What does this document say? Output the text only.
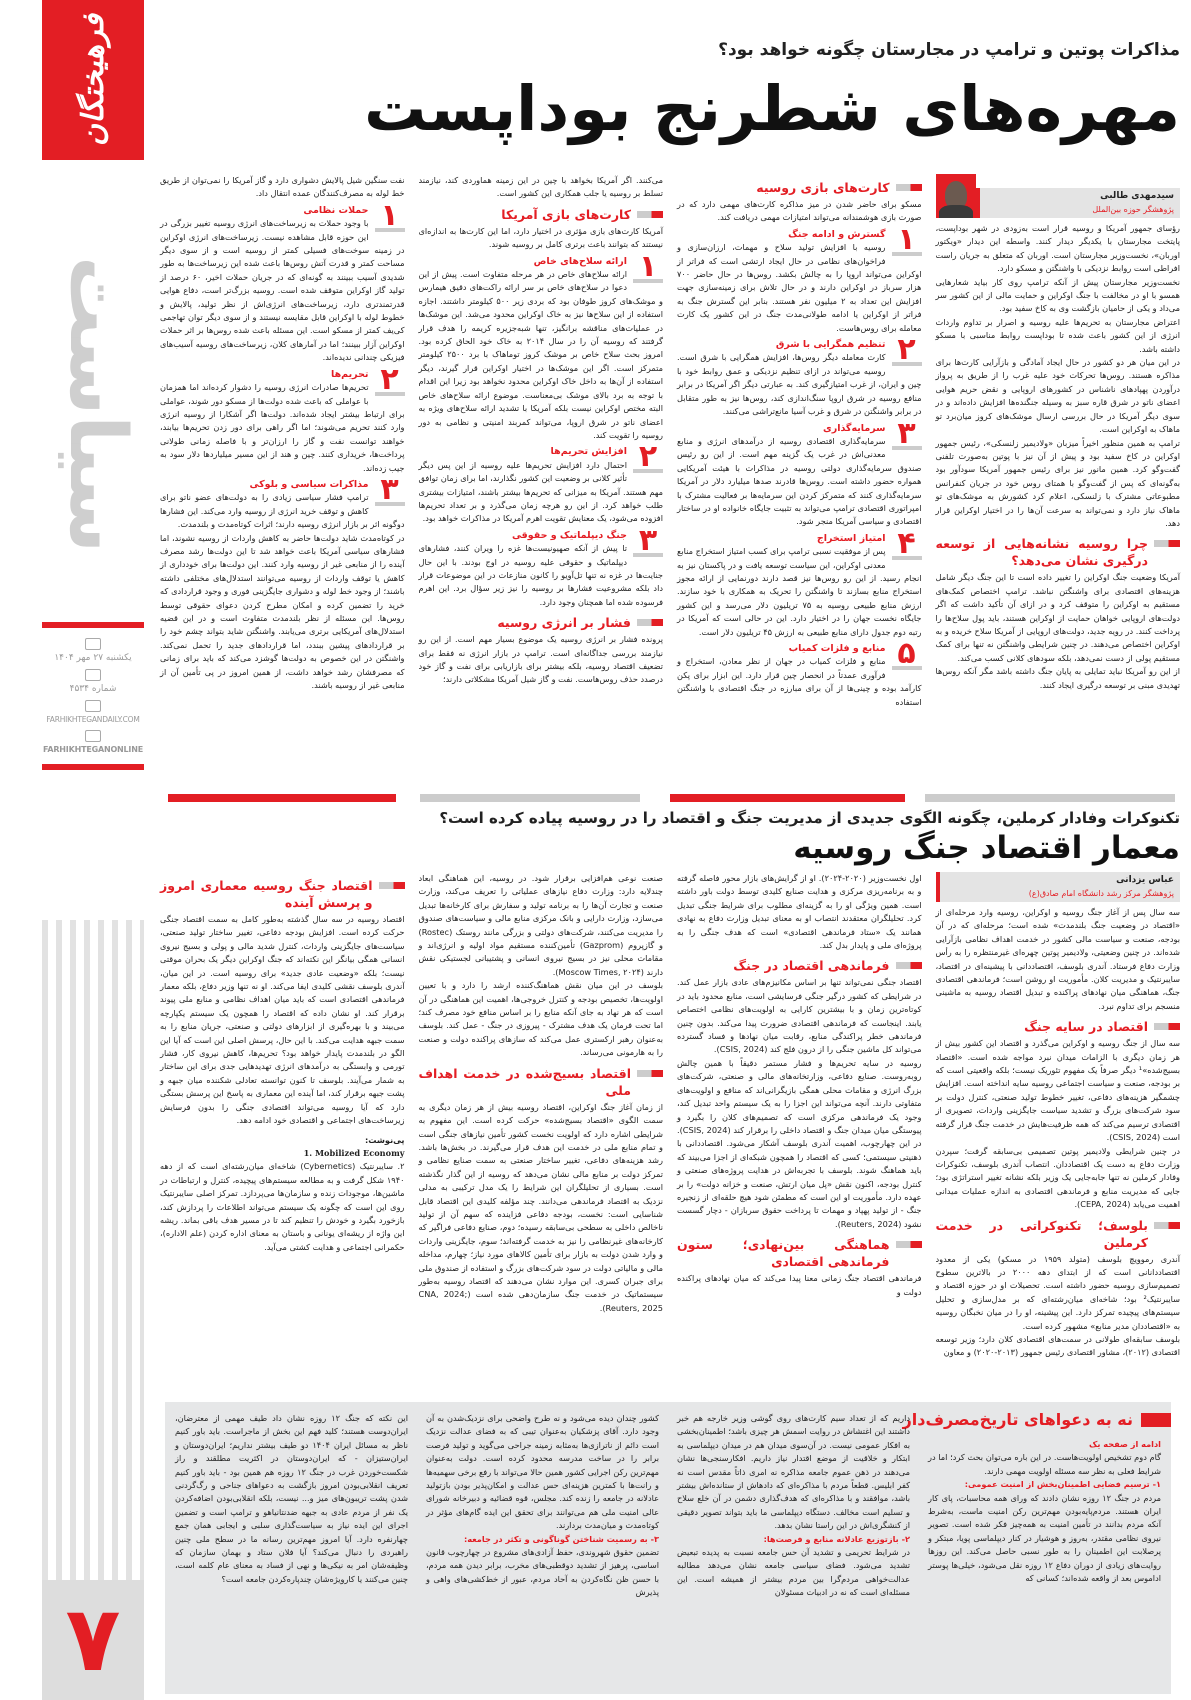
فرهیختگان
سیاست
یکشنبه ۲۷ مهر ۱۴۰۴
شماره ۴۵۳۴
FARHIKHTEGANDAILY.COM
FARHIKHTEGANONLINE
۷
مذاکرات پوتین و ترامپ در مجارستان چگونه خواهد بود؟
مهره‌های شطرنج بوداپست
سیدمهدی طالبی
پژوهشگر حوزه بین‌الملل

رؤسای جمهور آمریکا و روسیه قرار است به‌زودی در شهر بوداپست، پایتخت مجارستان با یکدیگر دیدار کنند. واسطه این دیدار «ویکتور اوربان»، نخست‌وزیر مجارستان است. اوربان که متعلق به جریان راست افراطی است روابط نزدیکی با واشنگتن و مسکو دارد.

نخست‌وزیر مجارستان پیش از آنکه ترامپ روی کار بیاید شعارهایی همسو با او در مخالفت با جنگ اوکراین و حمایت مالی از این کشور سر می‌داد و یکی از حامیان بازگشت وی به کاخ سفید بود.

اعتراض مجارستان به تحریم‌ها علیه روسیه و اصرار بر تداوم واردات انرژی از این کشور باعث شده تا بوداپست روابط مناسبی با مسکو داشته باشد.

در این میان هر دو کشور در حال ایجاد آمادگی و بازآرایی کارت‌ها برای مذاکره هستند. روس‌ها تحرکات خود علیه غرب را از طریق به پرواز درآوردن پهپادهای ناشناس در کشورهای اروپایی و نقض حریم هوایی اعضای ناتو در شرق قاره سبز به وسیله جنگنده‌ها افزایش داده‌اند و در سوی دیگر آمریکا در حال بررسی ارسال موشک‌های کروز میان‌برد تو ماهاک به اوکراین است.

ترامپ به همین منظور اخیراً میزبان «ولادیمیر زلنسکی»، رئیس جمهور اوکراین در کاخ سفید بود و پیش از آن نیز با پوتین به‌صورت تلفنی گفت‌وگو کرد. همین مانور نیز برای رئیس جمهور آمریکا سودآور بود به‌گونه‌ای که پس از گفت‌وگو با همتای روس خود در جریان کنفرانس مطبوعاتی مشترک با زلنسکی، اعلام کرد کشورش به موشک‌های تو ماهاک نیاز دارد و نمی‌تواند به سرعت آن‌ها را در اختیار اوکراین قرار دهد.

چرا روسیه نشانه‌هایی از توسعه درگیری نشان می‌دهد؟

آمریکا وضعیت جنگ اوکراین را تغییر داده است تا این جنگ دیگر شامل هزینه‌های اقتصادی برای واشنگتن نباشد. ترامپ اختصاص کمک‌های مستقیم به اوکراین را متوقف کرد و در ازای آن تأکید داشت که اگر دولت‌های اروپایی خواهان حمایت از اوکراین هستند، باید پول سلاح‌ها را پرداخت کنند. در رویه جدید، دولت‌های اروپایی از آمریکا سلاح خریده و به اوکراین اختصاص می‌دهند. در چنین شرایطی واشنگتن نه تنها برای کمک مستقیم پولی از دست نمی‌دهد، بلکه سودهای کلانی کسب می‌کند.

از این رو آمریکا نباید تمایلی به پایان جنگ داشته باشد مگر آنکه روس‌ها تهدیدی مبنی بر توسعه درگیری ایجاد کنند.

کارت‌های بازی روسیه

مسکو برای حاضر شدن در میز مذاکره کارت‌های مهمی دارد که در صورت بازی هوشمندانه می‌تواند امتیازات مهمی دریافت کند.

۱
گسترش و ادامه جنگ

روسیه با افزایش تولید سلاح و مهمات، ارزان‌سازی و فراخوان‌های نظامی در حال ایجاد ارتشی است که فراتر از اوکراین می‌تواند اروپا را به چالش بکشد. روس‌ها در حال حاضر ۷۰۰ هزار سرباز در اوکراین دارند و در حال تلاش برای زمینه‌سازی جهت افزایش این تعداد به ۲ میلیون نفر هستند. بنابر این گسترش جنگ به فراتر از اوکراین یا ادامه طولانی‌مدت جنگ در این کشور یک کارت معامله برای روس‌هاست.

۲
تنظیم همگرایی با شرق

کارت معامله دیگر روس‌ها، افزایش همگرایی با شرق است. روسیه می‌تواند در ازای تنظیم نزدیکی و عمق روابط خود با چین و ایران، از غرب امتیازگیری کند. به عبارتی دیگر اگر آمریکا در برابر منافع روسیه در شرق اروپا سنگ‌اندازی کند، روس‌ها نیز به طور متقابل در برابر واشنگتن در شرق و غرب آسیا مانع‌تراشی می‌کنند.

۳
سرمایه‌گذاری

سرمایه‌گذاری اقتصادی روسیه از درآمدهای انرژی و منابع معدنی‌اش در غرب یک گزینه مهم است. از این رو رئیس صندوق سرمایه‌گذاری دولتی روسیه در مذاکرات با هیئت آمریکایی همواره حضور داشته است. روس‌ها قادرند صدها میلیارد دلار در آمریکا سرمایه‌گذاری کنند که متمرکز کردن این سرمایه‌ها بر فعالیت مشترک با امپراتوری اقتصادی ترامپ می‌تواند به تثبیت جایگاه خانواده او در ساختار اقتصادی و سیاسی آمریکا منجر شود.

۴
امتیاز استخراج

پس از موفقیت نسبی ترامپ برای کسب امتیاز استخراج منابع معدنی اوکراین، این سیاست توسعه یافت و در پاکستان نیز به انجام رسید. از این رو روس‌ها نیز قصد دارند دورنمایی از ارائه مجوز استخراج منابع بسازند تا واشنگتن را تحریک به همکاری با خود سازند. ارزش منابع طبیعی روسیه به ۷۵ تریلیون دلار می‌رسد و این کشور جایگاه نخست جهان را در اختیار دارد. این در حالی است که آمریکا در رتبه دوم جدول دارای منابع طبیعی به ارزش ۴۵ تریلیون دلار است.

۵
منابع و فلزات کمیاب

منابع و فلزات کمیاب در جهان از نظر معادن، استخراج و فرآوری عمدتاً در انحصار چین قرار دارد. این ابزار برای پکن کارآمد بوده و چینی‌ها از آن برای مبارزه در جنگ اقتصادی با واشنگتن استفاده

می‌کنند. اگر آمریکا بخواهد با چین در این زمینه هماوردی کند، نیازمند تسلط بر روسیه یا جلب همکاری این کشور است.

کارت‌های بازی آمریکا

آمریکا کارت‌های بازی مؤثری در اختیار دارد، اما این کارت‌ها به اندازه‌ای نیستند که بتوانند باعث برتری کامل بر روسیه شوند.

۱
ارائه سلاح‌های خاص

ارائه سلاح‌های خاص در هر مرحله متفاوت است. پیش از این دعوا در سلاح‌های خاص بر سر ارائه راکت‌های دقیق هیمارس و موشک‌های کروز طوفان بود که بردی زیر ۵۰۰ کیلومتر داشتند. اجازه استفاده از این سلاح‌ها نیز به خاک اوکراین محدود می‌شد. این موشک‌ها در عملیات‌های مناقشه برانگیز، تنها شبه‌جزیره کریمه را هدف قرار گرفتند که روسیه آن را در سال ۲۰۱۴ به خاک خود الحاق کرده بود. امروز بحث سلاح خاص بر موشک کروز توماهاک با برد ۲۵۰۰ کیلومتر متمرکز است. اگر این موشک‌ها در اختیار اوکراین قرار گیرند، دیگر استفاده از آن‌ها به داخل خاک اوکراین محدود نخواهد بود زیرا این اقدام با توجه به برد بالای موشک بی‌معناست. موضوع ارائه سلاح‌های خاص البته مختص اوکراین نیست بلکه آمریکا با تشدید ارائه سلاح‌های ویژه به اعضای ناتو در شرق اروپا، می‌تواند کمربند امنیتی و نظامی به دور روسیه را تقویت کند.

۲
افزایش تحریم‌ها

احتمال دارد افزایش تحریم‌ها علیه روسیه از این پس دیگر تأثیر کلانی بر وضعیت این کشور نگذارند، اما برای زمان توافق مهم هستند. آمریکا به میزانی که تحریم‌ها بیشتر باشند، امتیازات بیشتری طلب خواهد کرد. از این رو هرچه زمان می‌گذرد و بر تعداد تحریم‌ها افزوده می‌شود، یک معنایش تقویت اهرم آمریکا در مذاکرات خواهد بود.

۳
جنگ دیپلماتیک و حقوقی

تا پیش از آنکه صهیونیست‌ها غزه را ویران کنند، فشارهای دیپلماتیک و حقوقی علیه روسیه در اوج بودند. با این حال جنایت‌ها در غزه نه تنها تل‌آویو را کانون منازعات در این موضوعات قرار داد بلکه مشروعیت فشارها بر روسیه را نیز زیر سؤال برد. این اهرم فرسوده شده اما همچنان وجود دارد.

فشار بر انرژی روسیه

پرونده فشار بر انرژی روسیه یک موضوع بسیار مهم است. از این رو نیازمند بررسی جداگانه‌ای است. ترامپ در بازار انرژی نه فقط برای تضعیف اقتصاد روسیه، بلکه بیشتر برای بازاریابی برای نفت و گاز خود درصدد حذف روس‌هاست. نفت و گاز شیل آمریکا مشکلاتی دارند؛

نفت سنگین شیل پالایش دشواری دارد و گاز آمریکا را نمی‌توان از طریق خط لوله به مصرف‌کنندگان عمده انتقال داد.

۱
حملات نظامی

با وجود حملات به زیرساخت‌های انرژی روسیه تغییر بزرگی در این حوزه قابل مشاهده نیست. زیرساخت‌های انرژی اوکراین در زمینه سوخت‌های فسیلی کمتر از روسیه است و از سوی دیگر مساحت کمتر و قدرت آتش روس‌ها باعث شده این زیرساخت‌ها به طور شدیدی آسیب ببینند به گونه‌ای که در جریان حملات اخیر، ۶۰ درصد از تولید گاز اوکراین متوقف شده است. روسیه بزرگ‌تر است، دفاع هوایی قدرتمندتری دارد، زیرساخت‌های انرژی‌اش از نظر تولید، پالایش و خطوط لوله با اوکراین قابل مقایسه نیستند و از سوی دیگر توان تهاجمی کی‌یف کمتر از مسکو است. این مسئله باعث شده روس‌ها بر اثر حملات اوکراین آزار ببینند؛ اما در آمارهای کلان، زیرساخت‌های روسیه آسیب‌های فیزیکی چندانی ندیده‌اند.

۲
تحریم‌ها

تحریم‌ها صادرات انرژی روسیه را دشوار کرده‌اند اما همزمان با عواملی که باعث شده دولت‌ها از مسکو دور شوند، عواملی برای ارتباط بیشتر ایجاد شده‌اند. دولت‌ها اگر آشکارا از روسیه انرژی وارد کنند تحریم می‌شوند؛ اما اگر راهی برای دور زدن تحریم‌ها بیابند، خواهند توانست نفت و گاز را ارزان‌تر و با فاصله زمانی طولانی پرداخت‌ها، خریداری کنند. چین و هند از این مسیر میلیاردها دلار سود به جیب زده‌اند.

۳
مذاکرات سیاسی و بلوکی

ترامپ فشار سیاسی زیادی را به دولت‌های عضو ناتو برای کاهش و توقف خرید انرژی از روسیه وارد می‌کند. این فشارها دوگونه اثر بر بازار انرژی روسیه دارند؛ اثرات کوتاه‌مدت و بلندمدت.

در کوتاه‌مدت شاید دولت‌ها حاضر به کاهش واردات از روسیه نشوند، اما فشارهای سیاسی آمریکا باعث خواهد شد تا این دولت‌ها رشد مصرف آینده را از منابعی غیر از روسیه وارد کنند. این دولت‌ها برای خودداری از کاهش یا توقف واردات از روسیه می‌توانند استدلال‌های مختلفی داشته باشند؛ از وجود خط لوله و دشواری جایگزینی فوری و وجود قراردادی که خرید را تضمین کرده و امکان مطرح کردن دعوای حقوقی توسط روس‌ها. این مسئله از نظر بلندمدت متفاوت است و در این قضیه استدلال‌های آمریکایی برتری می‌یابند. واشنگتن شاید بتواند چشم خود را بر قراردادهای پیشین ببندد، اما قراردادهای جدید را تحمل نمی‌کند. واشنگتن در این خصوص به دولت‌ها گوشزد می‌کند که باید برای زمانی که مصرفشان رشد خواهد داشت، از همین امروز در پی تأمین آن از منابعی غیر از روسیه باشند.

تکنوکرات وفادار کرملین، چگونه الگوی جدیدی از مدیریت جنگ و اقتصاد را در روسیه پیاده کرده است؟
معمار اقتصاد جنگ روسیه
عباس یزدانی
پژوهشگر مرکز رشد دانشگاه امام صادق(ع)

سه سال پس از آغاز جنگ روسیه و اوکراین، روسیه وارد مرحله‌ای از «اقتصاد در وضعیت جنگ بلندمدت» شده است؛ مرحله‌ای که در آن بودجه، صنعت و سیاست مالی کشور در خدمت اهداف نظامی بازآرایی شده‌اند. در چنین وضعیتی، ولادیمیر پوتین چهره‌ای غیرمنتظره را به رأس وزارت دفاع فرستاد. آندری بلوسف، اقتصاددانی با پیشینه‌ای در اقتصاد، سایبرنتیک و مدیریت کلان. مأموریت او روشن است؛ فرماندهی اقتصادی جنگ، هماهنگی میان نهادهای پراکنده و تبدیل اقتصاد روسیه به ماشینی منسجم برای تداوم نبرد.

اقتصاد در سایه جنگ

سه سال از جنگ روسیه و اوکراین می‌گذرد و اقتصاد این کشور بیش از هر زمان دیگری با الزامات میدان نبرد مواجه شده است. «اقتصاد بسیج‌شده»¹ دیگر صرفاً یک مفهوم تئوریک نیست؛ بلکه واقعیتی است که بر بودجه، صنعت و سیاست اجتماعی روسیه سایه انداخته است. افزایش چشمگیر هزینه‌های دفاعی، تغییر خطوط تولید صنعتی، کنترل دولت بر سود شرکت‌های بزرگ و تشدید سیاست جایگزینی واردات، تصویری از اقتصادی ترسیم می‌کند که همه ظرفیت‌هایش در خدمت جنگ قرار گرفته است (CSIS, 2024).

در چنین شرایطی ولادیمیر پوتین تصمیمی بی‌سابقه گرفت؛ سپردن وزارت دفاع به دست یک اقتصاددان. انتصاب آندری بلوسف، تکنوکرات وفادار کرملین نه تنها جابه‌جایی یک وزیر بلکه نشانه تغییر استراتژی بود؛ جایی که مدیریت منابع و فرماندهی اقتصادی به اندازه عملیات میدانی اهمیت می‌یابد (CEPA, 2024).

بلوسف؛ تکنوکراتی در خدمت کرملین

آندری رموویچ بلوسف (متولد ۱۹۵۹ در مسکو) یکی از معدود اقتصاددانانی است که از ابتدای دهه ۲۰۰۰ در بالاترین سطوح تصمیم‌سازی روسیه حضور داشته است. تحصیلات او در حوزه اقتصاد و سایبرنتیک² بود؛ شاخه‌ای میان‌رشته‌ای که بر مدل‌سازی و تحلیل سیستم‌های پیچیده تمرکز دارد. این پیشینه، او را در میان نخبگان روسیه به «اقتصاددان مدیر منابع» مشهور کرده است.

بلوسف سابقه‌ای طولانی در سمت‌های اقتصادی کلان دارد؛ وزیر توسعه اقتصادی (۲۰۱۲)، مشاور اقتصادی رئیس جمهور (۲۰۱۳-۲۰۲۰) و معاون

اول نخست‌وزیر (۲۰۲۰-۲۰۲۴). او از گرایش‌های بازار محور فاصله گرفته و به برنامه‌ریزی مرکزی و هدایت صنایع کلیدی توسط دولت باور داشته است. همین ویژگی او را به گزینه‌ای مطلوب برای شرایط جنگی تبدیل کرد. تحلیلگران معتقدند انتصاب او به معنای تبدیل وزارت دفاع به نهادی همانند یک «ستاد فرماندهی اقتصادی» است که هدف جنگی را به پروژه‌ای ملی و پایدار بدل کند.

فرماندهی اقتصاد در جنگ

اقتصاد جنگی نمی‌تواند تنها بر اساس مکانیزم‌های عادی بازار عمل کند. در شرایطی که کشور درگیر جنگی فرسایشی است، منابع محدود باید در کوتاه‌ترین زمان و با بیشترین کارایی به اولویت‌های نظامی اختصاص یابند. اینجاست که فرماندهی اقتصادی ضرورت پیدا می‌کند. بدون چنین فرماندهی خطر پراکندگی منابع، رقابت میان نهادها و فساد گسترده می‌تواند کل ماشین جنگی را از درون فلج کند (CSIS, 2024).

روسیه در سایه تحریم‌ها و فشار مستمر دقیقاً با همین چالش روبه‌روست. صنایع دفاعی، وزارتخانه‌های مالی و صنعتی، شرکت‌های بزرگ انرژی و مقامات محلی همگی بازیگرانی‌اند که منافع و اولویت‌های متفاوتی دارند. آنچه می‌تواند این اجزا را به یک سیستم واحد تبدیل کند، وجود یک فرماندهی مرکزی است که تصمیم‌های کلان را بگیرد و پیوستگی میان میدان جنگ و اقتصاد داخلی را برقرار کند (CSIS, 2024). در این چهارچوب، اهمیت آندری بلوسف آشکار می‌شود. اقتصاددانی با ذهنیتی سیستمی؛ کسی که اقتصاد را همچون شبکه‌ای از اجزا می‌بیند که باید هماهنگ شوند. بلوسف با تجربه‌اش در هدایت پروژه‌های صنعتی و کنترل بودجه، اکنون نقش «پل میان ارتش، صنعت و خزانه دولت» را بر عهده دارد. مأموریت او این است که مطمئن شود هیچ حلقه‌ای از زنجیره جنگ - از تولید پهپاد و مهمات تا پرداخت حقوق سربازان - دچار گسست نشود (Reuters, 2024).

هماهنگی بین‌نهادی؛ ستون فرماندهی اقتصادی

فرماندهی اقتصاد جنگ زمانی معنا پیدا می‌کند که میان نهادهای پراکنده دولت و

صنعت نوعی هم‌افزایی برقرار شود. در روسیه، این هماهنگی ابعاد چندلایه دارد: وزارت دفاع نیازهای عملیاتی را تعریف می‌کند، وزارت صنعت و تجارت آن‌ها را به برنامه تولید و سفارش برای کارخانه‌ها تبدیل می‌سازد، وزارت دارایی و بانک مرکزی منابع مالی و سیاست‌های صندوق را مدیریت می‌کنند، شرکت‌های دولتی و بزرگی مانند روستک (Rostec) و گازپروم (Gazprom) تأمین‌کننده مستقیم مواد اولیه و انرژی‌اند و مقامات محلی نیز در بسیج نیروی انسانی و پشتیبانی لجستیکی نقش دارند (Moscow Times, ۲۰۲۴).

بلوسف در این میان نقش هماهنگ‌کننده ارشد را دارد و با تعیین اولویت‌ها، تخصیص بودجه و کنترل خروجی‌ها، اهمیت این هماهنگی در آن است که هر نهاد به جای آنکه منابع را بر اساس منافع خود مصرف کند؛ اما تحت فرمان یک هدف مشترک - پیروزی در جنگ - عمل کند. بلوسف به‌عنوان رهبر ارکستری عمل می‌کند که سازهای پراکنده دولت و صنعت را به هارمونی می‌رساند.

اقتصاد بسیج‌شده در خدمت اهداف ملی

از زمان آغاز جنگ اوکراین، اقتصاد روسیه بیش از هر زمان دیگری به سمت الگوی «اقتصاد بسیج‌شده» حرکت کرده است. این مفهوم به شرایطی اشاره دارد که اولویت نخست کشور تأمین نیازهای جنگی است و تمام منابع ملی در خدمت این هدف قرار می‌گیرند. در بخش‌ها باشد. رشد هزینه‌های دفاعی، تغییر ساختار صنعتی به سمت صنایع نظامی و تمرکز دولت بر منابع مالی نشان می‌دهد که روسیه از این گذار نگذشته است. بسیاری از تحلیلگران این شرایط را یک مدل ترکیبی به مدلی نزدیک به اقتصاد فرماندهی می‌دانند. چند مؤلفه کلیدی این اقتصاد قابل شناسایی است: نخست، بودجه دفاعی فزاینده که سهم آن از تولید ناخالص داخلی به سطحی بی‌سابقه رسیده؛ دوم، صنایع دفاعی فراگیر که کارخانه‌های غیرنظامی را نیز به خدمت گرفته‌اند؛ سوم، جایگزینی واردات و وارد شدن دولت به بازار برای تأمین کالاهای مورد نیاز؛ چهارم، مداخله مالی و مالیاتی دولت در سود شرکت‌های بزرگ و استفاده از صندوق ملی برای جبران کسری. این موارد نشان می‌دهند که اقتصاد روسیه به‌طور سیستماتیک در خدمت جنگ سازمان‌دهی شده است (CNA, 2024; Reuters, 2025).

اقتصاد جنگ روسیه معماری امروز و پرسش آینده

اقتصاد روسیه در سه سال گذشته به‌طور کامل به سمت اقتصاد جنگی حرکت کرده است. افزایش بودجه دفاعی، تغییر ساختار تولید صنعتی، سیاست‌های جایگزینی واردات، کنترل شدید مالی و پولی و بسیج نیروی انسانی همگی بیانگر این نکته‌اند که جنگ اوکراین دیگر یک بحران موقتی نیست؛ بلکه «وضعیت عادی جدید» برای روسیه است. در این میان، آندری بلوسف نقشی کلیدی ایفا می‌کند. او نه تنها وزیر دفاع، بلکه معمار فرماندهی اقتصادی است که باید میان اهداف نظامی و منابع ملی پیوند برقرار کند. او نشان داده که اقتصاد را همچون یک سیستم یکپارچه می‌بیند و با بهره‌گیری از ابزارهای دولتی و صنعتی، جریان منابع را به سمت جبهه هدایت می‌کند. با این حال، پرسش اصلی این است که آیا این الگو در بلندمدت پایدار خواهد بود؟ تحریم‌ها، کاهش نیروی کار، فشار تورمی و وابستگی به درآمدهای انرژی تهدیدهایی جدی برای این ساختار به شمار می‌آیند. بلوسف تا کنون توانسته تعادلی شکننده میان جبهه و پشت جبهه برقرار کند، اما آینده این معماری به پاسخ این پرسش بستگی دارد که آیا روسیه می‌تواند اقتصادی جنگی را بدون فرسایش زیرساخت‌های اجتماعی و اقتصادی خود ادامه دهد.

پی‌نوشت:

1. Mobilized Economy

۲. سایبرنتیک (Cybernetics) شاخه‌ای میان‌رشته‌ای است که از دهه ۱۹۴۰ شکل گرفت و به مطالعه سیستم‌های پیچیده، کنترل و ارتباطات در ماشین‌ها، موجودات زنده و سازمان‌ها می‌پردازد. تمرکز اصلی سایبرنتیک روی این است که چگونه یک سیستم می‌تواند اطلاعات را پردازش کند، بازخورد بگیرد و خودش را تنظیم کند تا در مسیر هدف باقی بماند. ریشه این واژه از ریشه‌ای یونانی و باستان به معنای اداره کردن (علم الاداره)، حکمرانی اجتماعی و هدایت کشتی می‌آید.

نه به دعواهای تاریخ‌مصرف‌دار

ادامه از صفحه یک

گام دوم تشخیص اولویت‌هاست. در این باره می‌توان بحث کرد؛ اما در شرایط فعلی به نظر سه مسئله اولویت مهمی دارند.

۱- ترسیم فضایی اطمینان‌بخش از امنیت عمومی:

مردم در جنگ ۱۲ روزه نشان دادند که ورای همه محاسبات، پای کار ایران هستند. مردم‌پایه‌بودن مهم‌ترین رکن امنیت ماست، به‌شرط آنکه مردم بدانند در تأمین امنیت به همه‌چیز فکر شده است. تصویر نیروی نظامی مقتدر، به‌روز و هوشیار در کنار دیپلماسی پویا، مبتکر و پرصلابت این اطمینان را به طور نسبی حاصل می‌کند. این روزها روایت‌های زیادی از دوران دفاع ۱۲ روزه نقل می‌شود، خیلی‌ها پوستر اداموس بعد از واقعه شده‌اند؛ کسانی که

داریم که از تعداد سیم کارت‌های روی گوشی وزیر خارجه هم خبر داشتند این اغتشاش در روایت اسمش هر چیزی باشد؛ اطمینان‌بخشی به افکار عمومی نیست. در آن‌سوی میدان هم در میدان دیپلماسی به ابتکار و خلاقیت از موضع اقتدار نیاز داریم. افکارسنجی‌ها نشان می‌دهند در ذهن عموم جامعه مذاکره نه امری ذاتاً مقدس است نه کفر ابلیس. قطعاً مردم با مذاکره‌ای که دادهاش از ستانده‌اش بیشتر باشد، موافقند و با مذاکره‌ای که هدف‌گذاری دشمن در آن خلع سلاح و تسلیم است مخالف. دستگاه دیپلماسی ما باید بتواند تصویر دقیقی از کنشگری‌اش در این راستا نشان بدهد.

۲- بازتوزیع عادلانه منابع و فرصت‌ها:

در شرایط تحریمی و تشدید آن حس جامعه نسبت به پدیده تبعیض تشدید می‌شود. فضای سیاسی جامعه نشان می‌دهد مطالبه عدالت‌خواهی مردم‌گرا بین مردم بیشتر از همیشه است. این مسئله‌ای است که نه در ادبیات مسئولان

کشور چندان دیده می‌شود و نه طرح واضحی برای نزدیک‌شدن به آن وجود دارد. آقای پزشکیان به‌عنوان تیبی که به فضای عدالت نزدیک است دائم از ناترازی‌ها به‌مثابه زمینه جراحی می‌گوید و تولید فرصت برابر را در ساخت مدرسه محدود کرده است. دولت به‌عنوان مهم‌ترین رکن اجرایی کشور همین حالا می‌تواند با رفع برخی سهمیه‌ها و رانت‌ها با کمترین هزینه‌ای حس عدالت و امکان‌پذیر بودن بازتولید عادلانه در جامعه را زنده کند. مجلس، قوه قضائیه و دبیرخانه شورای عالی امنیت ملی هم می‌توانند برای تحقق این ایده گام‌های مؤثر در کوتاه‌مدت و میان‌مدت بردارند.

۳- به رسمیت شناختن گوناگونی و تکثر در جامعه:

تضمین حقوق شهروندی، حفظ آزادی‌های مشروع در چهارچوب قانون اساسی، پرهیز از تشدید دوقطبی‌های مخرب، برابر دیدن همه مردم، با حسن ظن نگاه‌کردن به آحاد مردم، عبور از خط‌کشی‌های واهی و پذیرش

این نکته که جنگ ۱۲ روزه نشان داد طیف مهمی از معترضان، ایران‌دوست هستند؛ کلید فهم این بخش از ماجراست. باید باور کنیم ناظر به مسائل ایران ۱۴۰۴ دو طیف بیشتر نداریم؛ ایران‌دوستان و ایران‌ستیزان - که ایران‌دوستان در اکثریت مطلقند و راز شکست‌خوردن غرب در جنگ ۱۲ روزه هم همین بود - باید باور کنیم تعریف انقلابی‌بودن امروز بازگشت به دعواهای جناحی و رگ‌گردنی شدن پشت تریبون‌های میز و... نیست، بلکه انقلابی‌بودن اضافه‌کردن یک نفر از مردم عادی به جبهه ضدنتانیاهو و ترامپ است و تضمین اجرای این ایده نیاز به سیاست‌گذاری سلبی و ایجابی همان جمع چهارنفره دارد. آیا امروز مهم‌ترین رسانه ما در سطح ملی چنین راهبردی را دنبال می‌کند؟ آیا فلان ستاد و بهمان سازمان که وظیفه‌شان امر به نیکی‌ها و نهی از فساد به معنای عام کلمه است، چنین می‌کنند یا کارویژه‌شان چندپاره‌کردن جامعه است؟
